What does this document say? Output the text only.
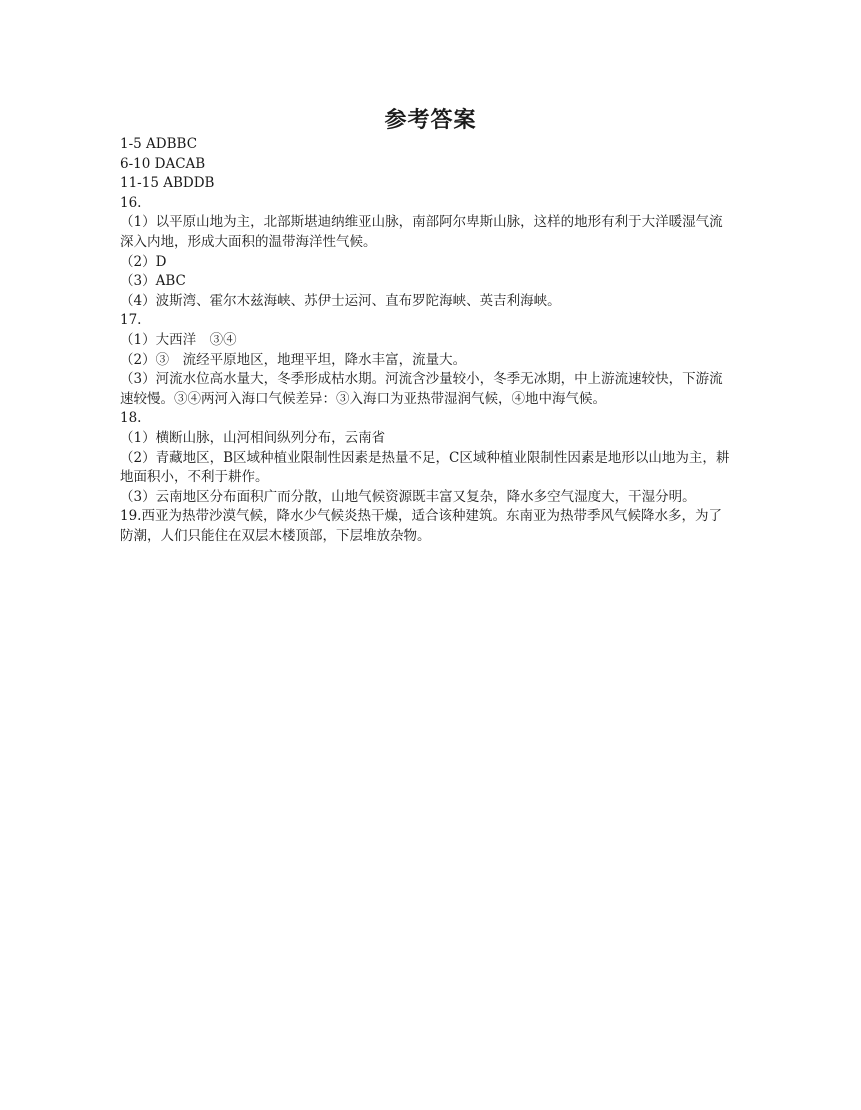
参考答案

1-5 ADBBC

6-10 DACAB

11-15 ABDDB

16.

（1）以平原山地为主，北部斯堪迪纳维亚山脉，南部阿尔卑斯山脉，这样的地形有利于大洋暖湿气流深入内地，形成大面积的温带海洋性气候。

（2）D

（3）ABC

（4）波斯湾、霍尔木兹海峡、苏伊士运河、直布罗陀海峡、英吉利海峡。

17.

（1）大西洋　③④

（2）③　流经平原地区，地理平坦，降水丰富，流量大。

（3）河流水位高水量大，冬季形成枯水期。河流含沙量较小，冬季无冰期，中上游流速较快，下游流速较慢。③④两河入海口气候差异：③入海口为亚热带湿润气候，④地中海气候。

18.

（1）横断山脉，山河相间纵列分布，云南省

（2）青藏地区，B区域种植业限制性因素是热量不足，C区域种植业限制性因素是地形以山地为主，耕地面积小，不利于耕作。

（3）云南地区分布面积广而分散，山地气候资源既丰富又复杂，降水多空气湿度大，干湿分明。

19.西亚为热带沙漠气候，降水少气候炎热干燥，适合该种建筑。东南亚为热带季风气候降水多，为了防潮，人们只能住在双层木楼顶部，下层堆放杂物。
